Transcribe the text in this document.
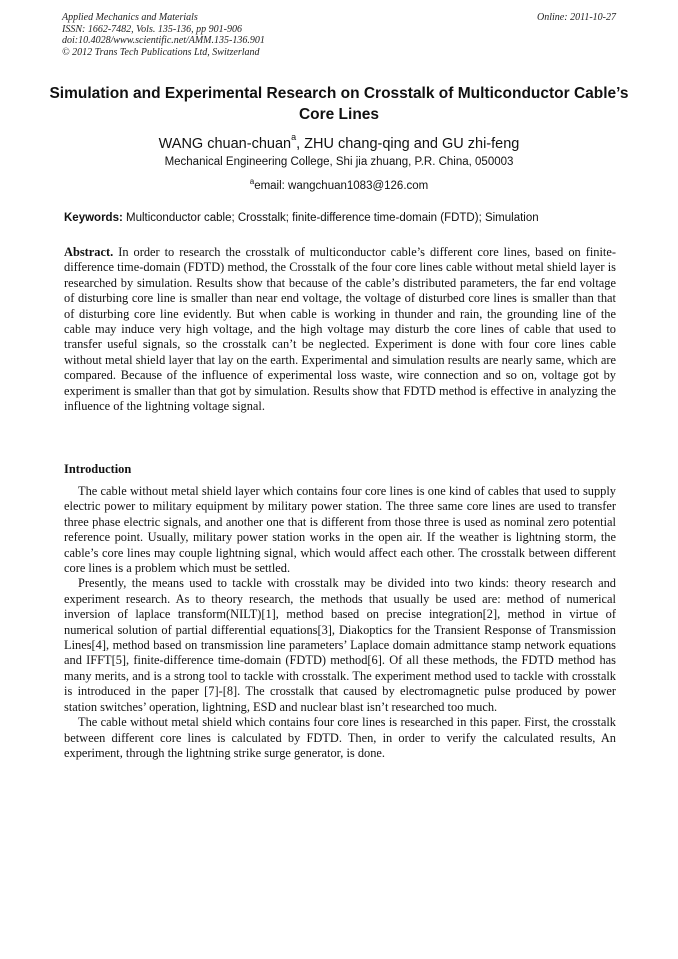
Applied Mechanics and Materials
ISSN: 1662-7482, Vols. 135-136, pp 901-906
doi:10.4028/www.scientific.net/AMM.135-136.901
© 2012 Trans Tech Publications Ltd, Switzerland
Online: 2011-10-27
Simulation and Experimental Research on Crosstalk of Multiconductor Cable’s Core Lines
WANG chuan-chuan$^a$, ZHU chang-qing and GU zhi-feng
Mechanical Engineering College, Shi jia zhuang, P.R. China, 050003
$^a$email: wangchuan1083@126.com
Keywords: Multiconductor cable; Crosstalk; finite-difference time-domain (FDTD); Simulation
Abstract. In order to research the crosstalk of multiconductor cable’s different core lines, based on finite-difference time-domain (FDTD) method, the Crosstalk of the four core lines cable without metal shield layer is researched by simulation. Results show that because of the cable’s distributed parameters, the far end voltage of disturbing core line is smaller than near end voltage, the voltage of disturbed core lines is smaller than that of disturbing core line evidently. But when cable is working in thunder and rain, the grounding line of the cable may induce very high voltage, and the high voltage may disturb the core lines of cable that used to transfer useful signals, so the crosstalk can’t be neglected. Experiment is done with four core lines cable without metal shield layer that lay on the earth. Experimental and simulation results are nearly same, which are compared. Because of the influence of experimental loss waste, wire connection and so on, voltage got by experiment is smaller than that got by simulation. Results show that FDTD method is effective in analyzing the influence of the lightning voltage signal.
Introduction

The cable without metal shield layer which contains four core lines is one kind of cables that used to supply electric power to military equipment by military power station. The three same core lines are used to transfer three phase electric signals, and another one that is different from those three is used as nominal zero potential reference point. Usually, military power station works in the open air. If the weather is lightning storm, the cable’s core lines may couple lightning signal, which would affect each other. The crosstalk between different core lines is a problem which must be settled.

Presently, the means used to tackle with crosstalk may be divided into two kinds: theory research and experiment research. As to theory research, the methods that usually be used are: method of numerical inversion of laplace transform(NILT)[1], method based on precise integration[2], method in virtue of numerical solution of partial differential equations[3], Diakoptics for the Transient Response of Transmission Lines[4], method based on transmission line parameters’ Laplace domain admittance stamp network equations and IFFT[5], finite-difference time-domain (FDTD) method[6]. Of all these methods, the FDTD method has many merits, and is a strong tool to tackle with crosstalk. The experiment method used to tackle with crosstalk is introduced in the paper [7]-[8]. The crosstalk that caused by electromagnetic pulse produced by power station switches’ operation, lightning, ESD and nuclear blast isn’t researched too much.

The cable without metal shield which contains four core lines is researched in this paper. First, the crosstalk between different core lines is calculated by FDTD. Then, in order to verify the calculated results, An experiment, through the lightning strike surge generator, is done.
